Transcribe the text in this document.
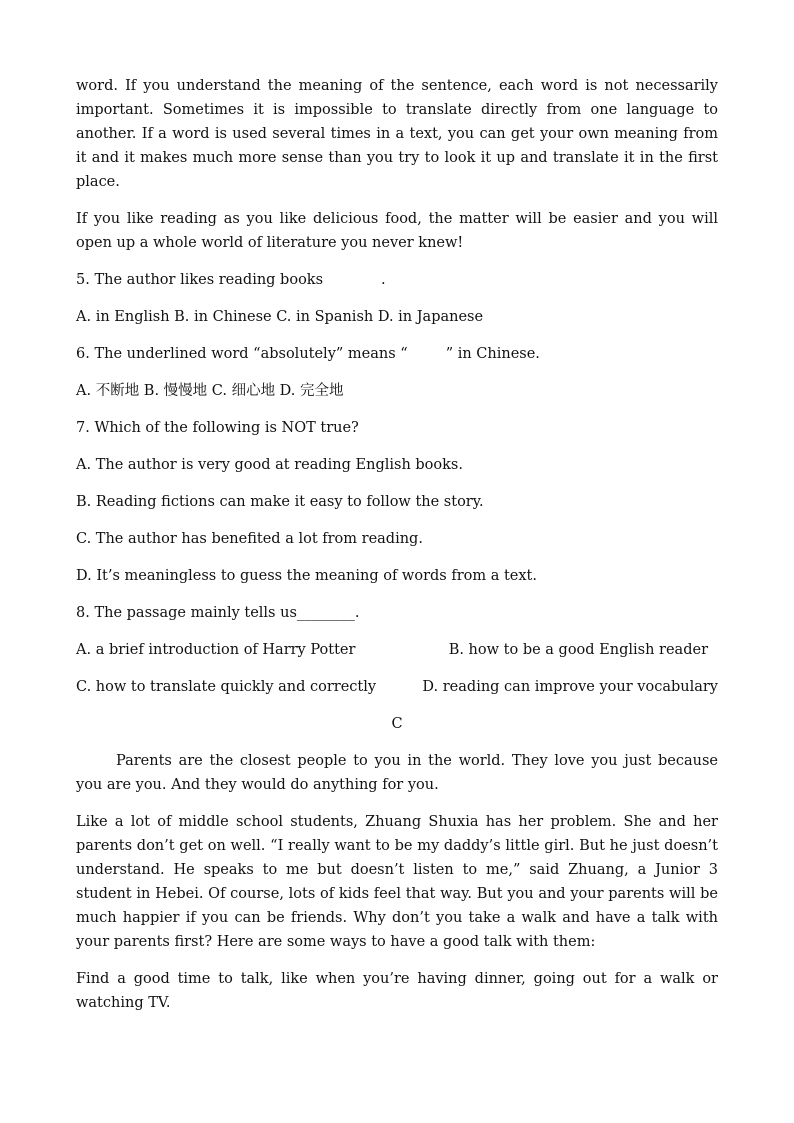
word. If you understand the meaning of the sentence, each word is not necessarily important. Sometimes it is impossible to translate directly from one language to another. If a word is used several times in a text, you can get your own meaning from it and it makes much more sense than you try to look it up and translate it in the first place.

If you like reading as you like delicious food, the matter will be easier and you will open up a whole world of literature you never knew!

5. The author likes reading books	.

A. in English B. in Chinese C. in Spanish D. in Japanese

6. The underlined word “absolutely” means “	” in Chinese.

A. 不断地 B. 慢慢地 C. 细心地 D. 完全地

7. Which of the following is NOT true?

A. The author is very good at reading English books.

B. Reading fictions can make it easy to follow the story.

C. The author has benefited a lot from reading.

D. It’s meaningless to guess the meaning of words from a text.

8. The passage mainly tells us________.

A. a brief introduction of Harry Potter	B. how to be a good English reader
C. how to translate quickly and correctly	D. reading can improve your vocabulary

C

Parents are the closest people to you in the world. They love you just because you are you. And they would do anything for you.

Like a lot of middle school students, Zhuang Shuxia has her problem. She and her parents don’t get on well. “I really want to be my daddy’s little girl. But he just doesn’t understand. He speaks to me but doesn’t listen to me,” said Zhuang, a Junior 3 student in Hebei. Of course, lots of kids feel that way. But you and your parents will be much happier if you can be friends. Why don’t you take a walk and have a talk with your parents first? Here are some ways to have a good talk with them:

Find a good time to talk, like when you’re having dinner, going out for a walk or watching TV.
